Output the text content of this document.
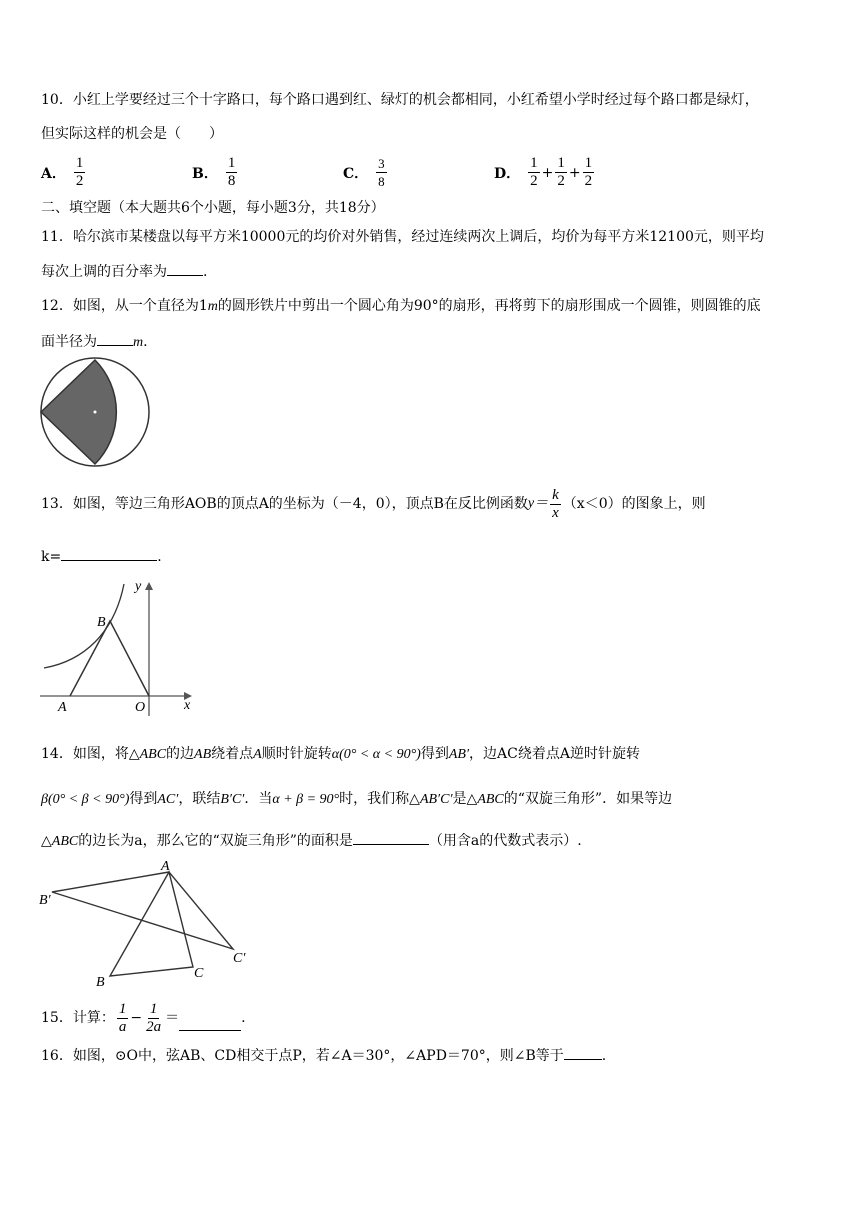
10．小红上学要经过三个十字路口，每个路口遇到红、绿灯的机会都相同，小红希望小学时经过每个路口都是绿灯，
但实际这样的机会是（　　）
A． $\frac{1}{2}$	B． $\frac{1}{8}$	C． $\frac{3}{8}$	D． $\frac{1}{2} + \frac{1}{2} + \frac{1}{2}$
二、填空题（本大题共6个小题，每小题3分，共18分）
11．哈尔滨市某楼盘以每平方米10000元的均价对外销售，经过连续两次上调后，均价为每平方米12100元，则平均
每次上调的百分率为	.
12．如图，从一个直径为1m的圆形铁片中剪出一个圆心角为90°的扇形，再将剪下的扇形围成一个圆锥，则圆锥的底
面半径为	m.
13．如图，等边三角形AOB的顶点A的坐标为（－4，0），顶点B在反比例函数 $y= \frac{k}{x} (x<0)$的图象上，则
k=	.
B
A	O	x
y
14．如图，将△ABC的边AB绕着点A顺时针旋转α(0° < α < 90°)得到AB′，边AC绕着点A逆时针旋转
β(0° < β < 90°)得到AC′，联结B′C′．当α + β = 90°时，我们称△AB′C′是△ABC的“双旋三角形”．如果等边
△ABC的边长为a，那么它的“双旋三角形”的面积是	（用含a的代数式表示）.
A
B′
B
C
C′
15．计算： $\frac{1}{a} - \frac{1}{2a}$ ＝	.
16．如图，⊙O中，弦AB、CD相交于点P，若∠A＝30°，∠APD＝70°，则∠B等于	.
